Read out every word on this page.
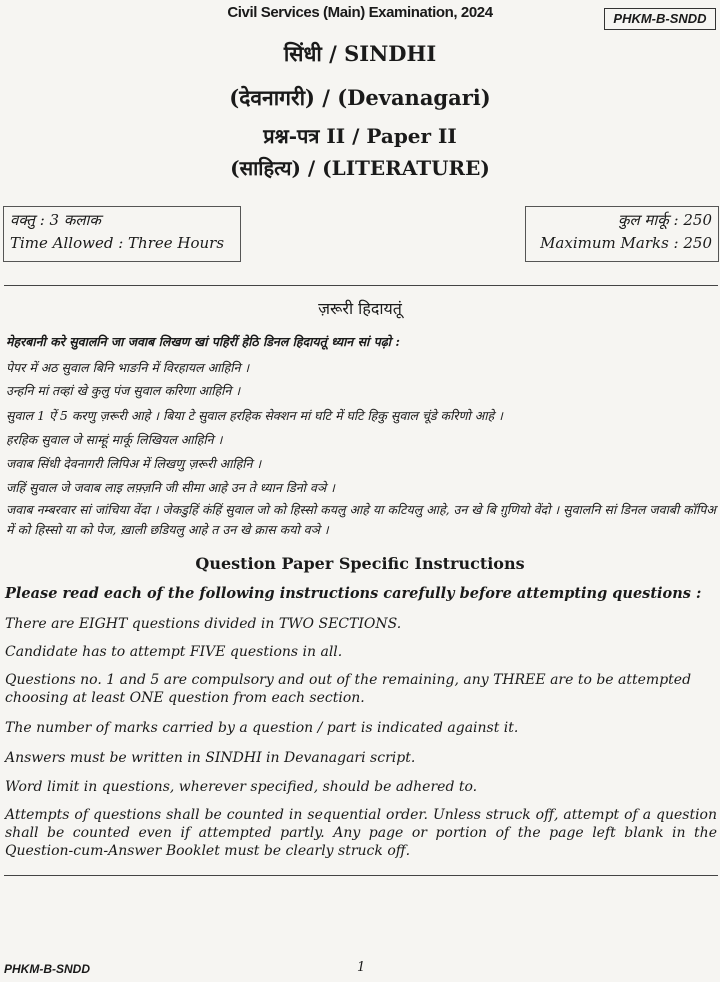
Civil Services (Main) Examination, 2024	PHKM-B-SNDD
सिंधी / SINDHI
(देवनागरी) / (Devanagari)
प्रश्न-पत्र II / Paper II
(साहित्य) / (LITERATURE)
वक्तु : 3 कलाक
Time Allowed : Three Hours
कुल मार्कू : 250
Maximum Marks : 250
ज़रूरी हिदायतूं
मेहरबानी करे सुवालनि जा जवाब लिखण खां पहिरीं हेठि डिनल हिदायतूं ध्यान सां पढ़ो :
पेपर में अठ सुवाल बिनि भाङनि में विरहायल आहिनि ।
उन्हनि मां तव्हां खे कुलु पंज सुवाल करिणा आहिनि ।
सुवाल 1 ऐं 5 करणु ज़रूरी आहे । बिया टे सुवाल हरहिक सेक्शन मां घटि में घटि हिकु सुवाल चूंडे करिणो आहे ।
हरहिक सुवाल जे साम्हूं मार्कू लिखियल आहिनि ।
जवाब सिंधी देवनागरी लिपिअ में लिखणु ज़रूरी आहिनि ।
जहिं सुवाल जे जवाब लाइ लफ़्ज़नि जी सीमा आहे उन ते ध्यान डिनो वञे ।
जवाब नम्बरवार सां जांचिया वेंदा । जेकडुहिं कंहिं सुवाल जो को हिस्सो कयलु आहे या कटियलु आहे, उन खे बि ग़ुणियो वेंदो । सुवालनि सां डिनल जवाबी कॉपिअ में को हिस्सो या को पेज, ख़ाली छडियलु आहे त उन खे क्रास कयो वञे ।
Question Paper Specific Instructions
Please read each of the following instructions carefully before attempting questions :
There are EIGHT questions divided in TWO SECTIONS.
Candidate has to attempt FIVE questions in all.
Questions no. 1 and 5 are compulsory and out of the remaining, any THREE are to be attempted choosing at least ONE question from each section.
The number of marks carried by a question / part is indicated against it.
Answers must be written in SINDHI in Devanagari script.
Word limit in questions, wherever specified, should be adhered to.
Attempts of questions shall be counted in sequential order. Unless struck off, attempt of a question shall be counted even if attempted partly. Any page or portion of the page left blank in the Question-cum-Answer Booklet must be clearly struck off.
PHKM-B-SNDD	1
